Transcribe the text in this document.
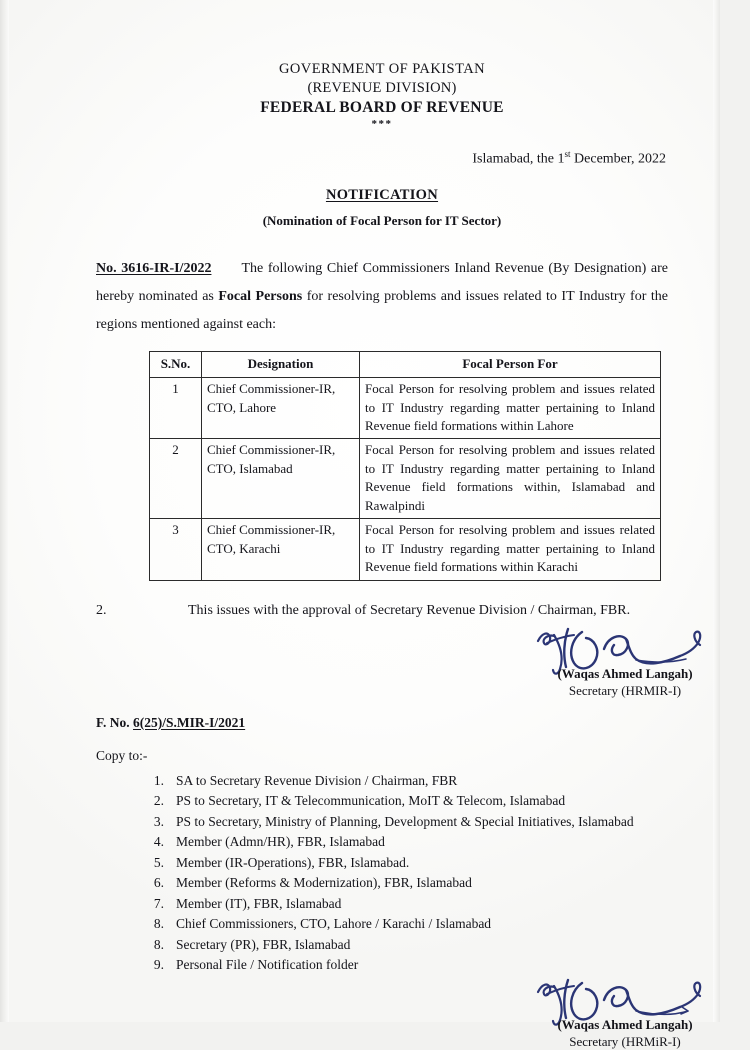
GOVERNMENT OF PAKISTAN
(REVENUE DIVISION)
FEDERAL BOARD OF REVENUE
***
Islamabad, the 1st December, 2022
NOTIFICATION
(Nomination of Focal Person for IT Sector)
No. 3616-IR-I/2022 The following Chief Commissioners Inland Revenue (By Designation) are hereby nominated as Focal Persons for resolving problems and issues related to IT Industry for the regions mentioned against each:
S.No.	Designation	Focal Person For
1	Chief Commissioner-IR, CTO, Lahore	Focal Person for resolving problem and issues related to IT Industry regarding matter pertaining to Inland Revenue field formations within Lahore
2	Chief Commissioner-IR, CTO, Islamabad	Focal Person for resolving problem and issues related to IT Industry regarding matter pertaining to Inland Revenue field formations within, Islamabad and Rawalpindi
3	Chief Commissioner-IR, CTO, Karachi	Focal Person for resolving problem and issues related to IT Industry regarding matter pertaining to Inland Revenue field formations within Karachi
2.	This issues with the approval of Secretary Revenue Division / Chairman, FBR.
(Waqas Ahmed Langah)
Secretary (HRMIR-I)
F. No. 6(25)/S.MIR-I/2021
Copy to:-
1. SA to Secretary Revenue Division / Chairman, FBR
2. PS to Secretary, IT & Telecommunication, MoIT & Telecom, Islamabad
3. PS to Secretary, Ministry of Planning, Development & Special Initiatives, Islamabad
4. Member (Admn/HR), FBR, Islamabad
5. Member (IR-Operations), FBR, Islamabad.
6. Member (Reforms & Modernization), FBR, Islamabad
7. Member (IT), FBR, Islamabad
8. Chief Commissioners, CTO, Lahore / Karachi / Islamabad
8. Secretary (PR), FBR, Islamabad
9. Personal File / Notification folder
(Waqas Ahmed Langah)
Secretary (HRMiR-I)
